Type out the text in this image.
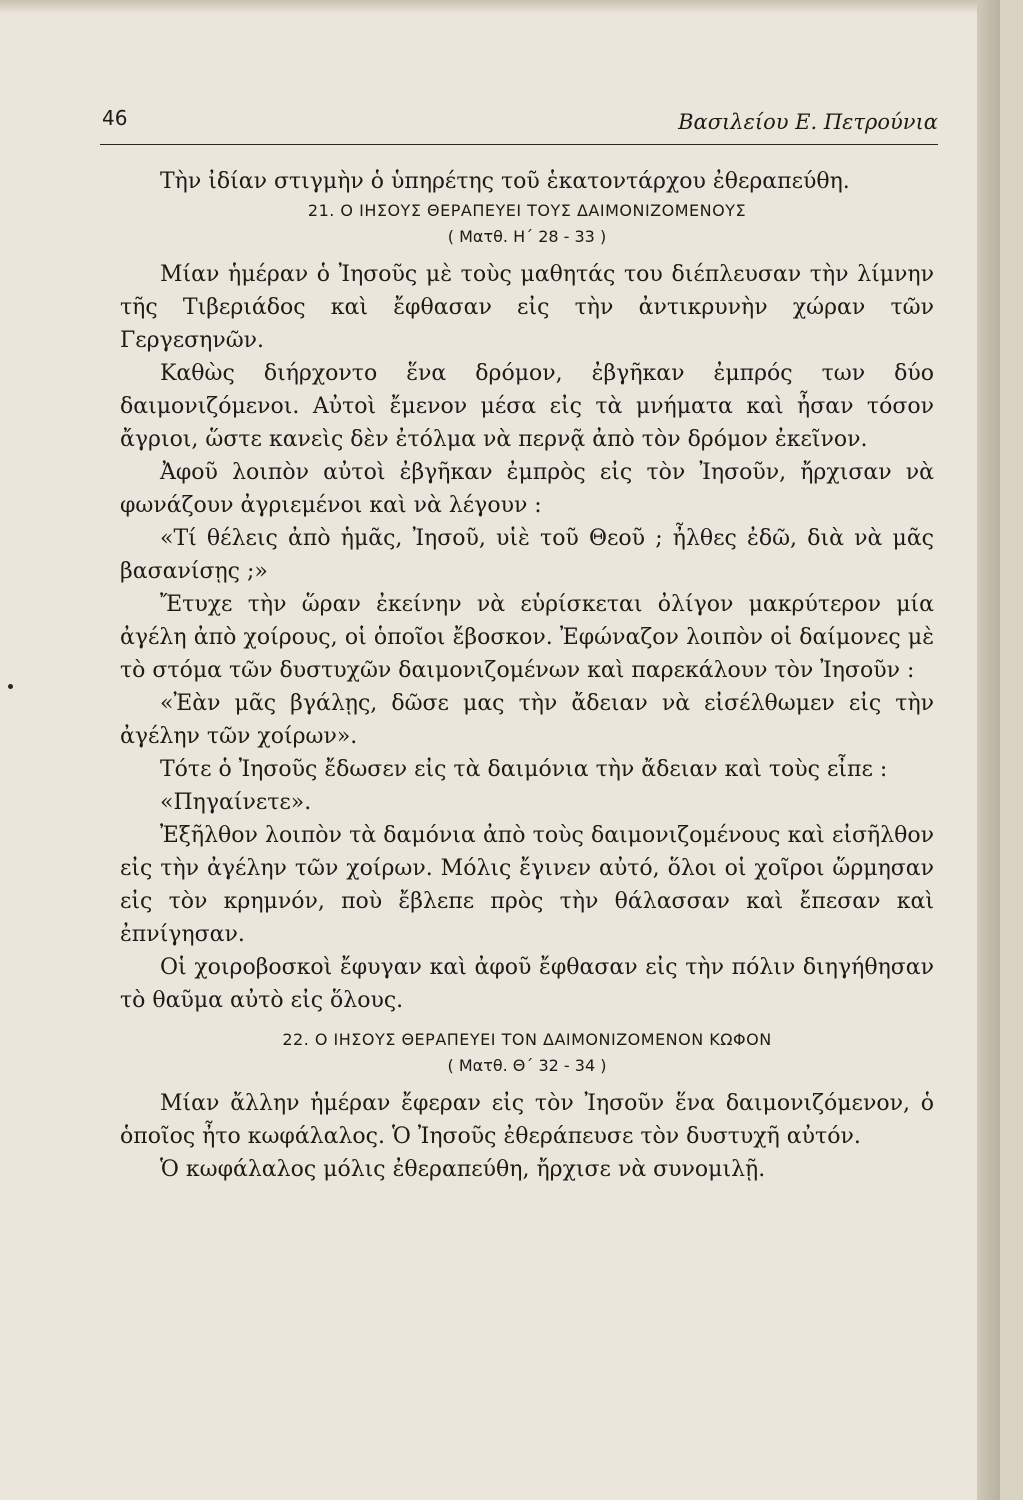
46	Βασιλείου Ε. Πετρούνια

Τὴν ἰδίαν στιγμὴν ὁ ὑπηρέτης τοῦ ἑκατοντάρχου ἐθεραπεύθη.

21. Ο ΙΗΣΟΥΣ ΘΕΡΑΠΕΥΕΙ ΤΟΥΣ ΔΑΙΜΟΝΙΖΟΜΕΝΟΥΣ
( Ματθ. Η΄ 28 - 33 )

Μίαν ἡμέραν ὁ Ἰησοῦς μὲ τοὺς μαθητάς του διέπλευσαν τὴν λίμνην τῆς Τιβεριάδος καὶ ἔφθασαν εἰς τὴν ἀντικρυνὴν χώραν τῶν Γεργεσηνῶν.

Καθὼς διήρχοντο ἕνα δρόμον, ἐβγῆκαν ἐμπρός των δύο δαιμονιζόμενοι. Αὐτοὶ ἔμενον μέσα εἰς τὰ μνήματα καὶ ἦσαν τόσον ἄγριοι, ὥστε κανεὶς δὲν ἐτόλμα νὰ περνᾷ ἀπὸ τὸν δρόμον ἐκεῖνον.

Ἀφοῦ λοιπὸν αὐτοὶ ἐβγῆκαν ἐμπρὸς εἰς τὸν Ἰησοῦν, ἤρχισαν νὰ φωνάζουν ἀγριεμένοι καὶ νὰ λέγουν :

«Τί θέλεις ἀπὸ ἡμᾶς, Ἰησοῦ, υἱὲ τοῦ Θεοῦ ; ἦλθες ἐδῶ, διὰ νὰ μᾶς βασανίσῃς ;»

Ἔτυχε τὴν ὥραν ἐκείνην νὰ εὑρίσκεται ὀλίγον μακρύτερον μία ἀγέλη ἀπὸ χοίρους, οἱ ὁποῖοι ἔβοσκον. Ἐφώναζον λοιπὸν οἱ δαίμονες μὲ τὸ στόμα τῶν δυστυχῶν δαιμονιζομένων καὶ παρεκάλουν τὸν Ἰησοῦν :

«Ἐὰν μᾶς βγάλῃς, δῶσε μας τὴν ἄδειαν νὰ εἰσέλθωμεν εἰς τὴν ἀγέλην τῶν χοίρων».

Τότε ὁ Ἰησοῦς ἔδωσεν εἰς τὰ δαιμόνια τὴν ἄδειαν καὶ τοὺς εἶπε :

«Πηγαίνετε».

Ἐξῆλθον λοιπὸν τὰ δαμόνια ἀπὸ τοὺς δαιμονιζομένους καὶ εἰσῆλθον εἰς τὴν ἀγέλην τῶν χοίρων. Μόλις ἔγινεν αὐτό, ὅλοι οἱ χοῖροι ὥρμησαν εἰς τὸν κρημνόν, ποὺ ἔβλεπε πρὸς τὴν θάλασσαν καὶ ἔπεσαν καὶ ἐπνίγησαν.

Οἱ χοιροβοσκοὶ ἔφυγαν καὶ ἀφοῦ ἔφθασαν εἰς τὴν πόλιν διηγήθησαν τὸ θαῦμα αὐτὸ εἰς ὅλους.

22. Ο ΙΗΣΟΥΣ ΘΕΡΑΠΕΥΕΙ ΤΟΝ ΔΑΙΜΟΝΙΖΟΜΕΝΟΝ ΚΩΦΟΝ
( Ματθ. Θ΄ 32 - 34 )

Μίαν ἄλλην ἡμέραν ἔφεραν εἰς τὸν Ἰησοῦν ἕνα δαιμονιζόμενον, ὁ ὁποῖος ἦτο κωφάλαλος. Ὁ Ἰησοῦς ἐθεράπευσε τὸν δυστυχῆ αὐτόν.

Ὁ κωφάλαλος μόλις ἐθεραπεύθη, ἤρχισε νὰ συνομιλῇ.
